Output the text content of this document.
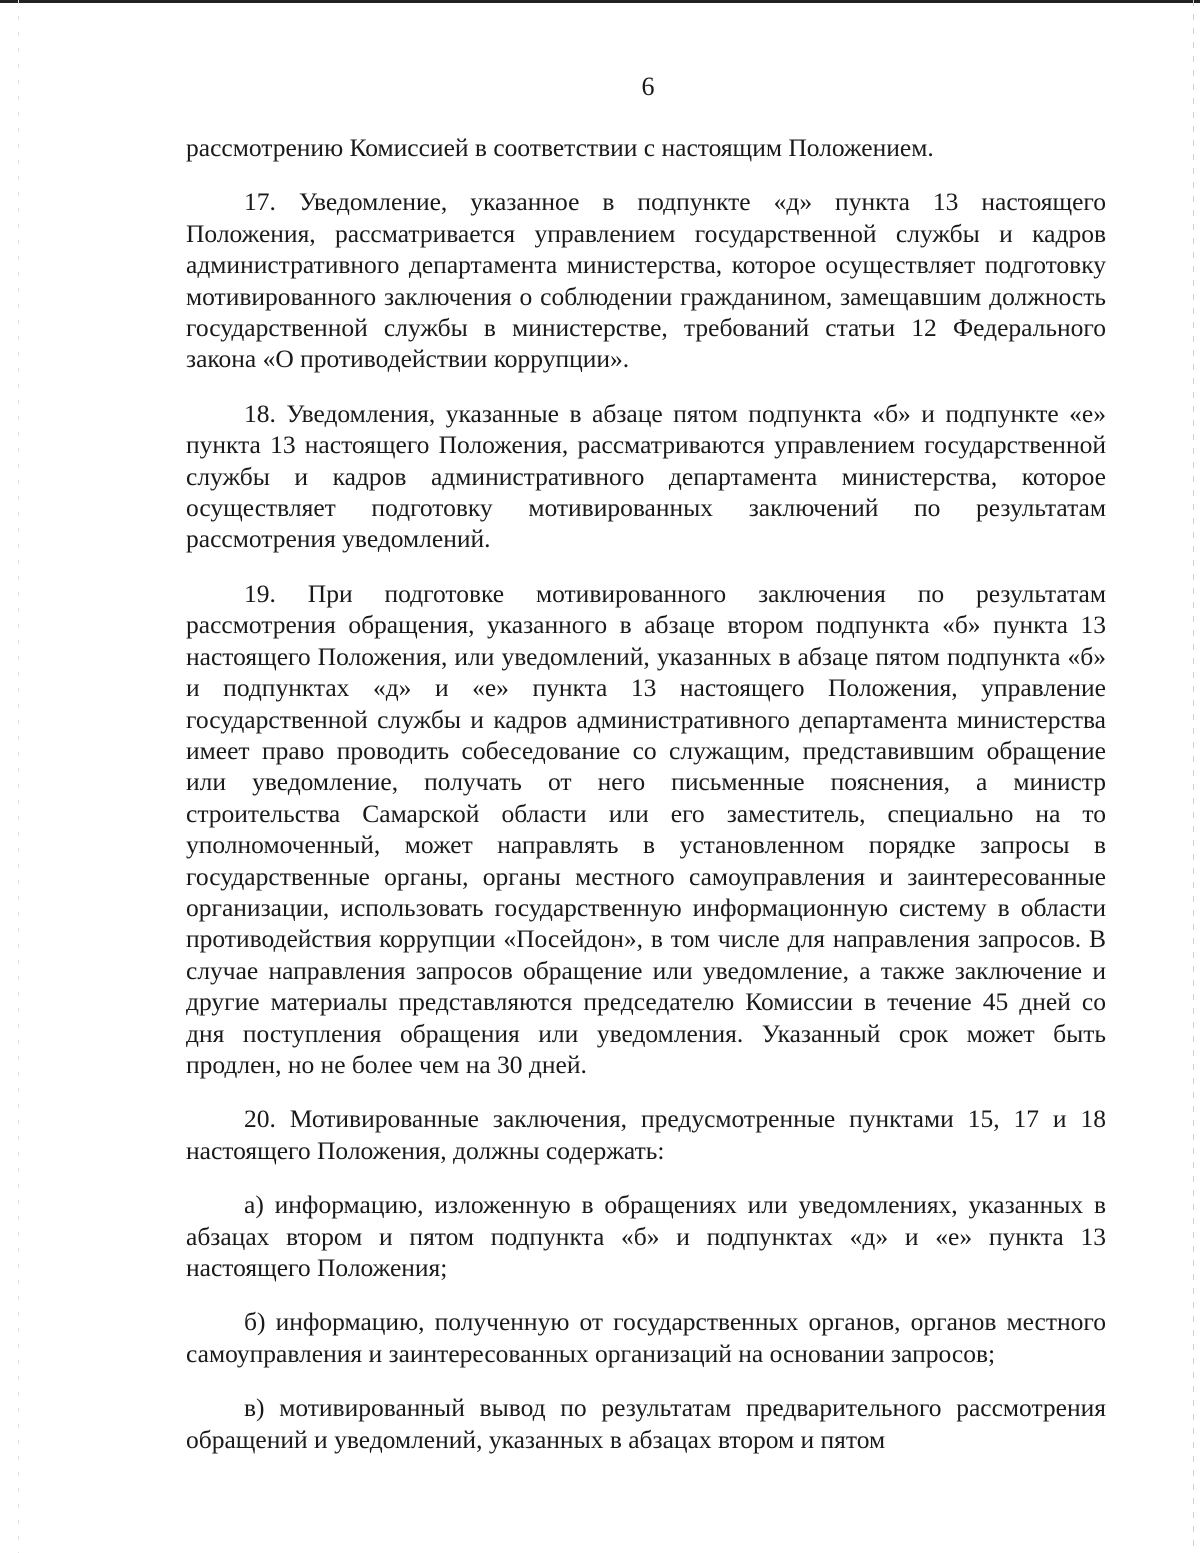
6

рассмотрению Комиссией в соответствии с настоящим Положением.

17. Уведомление, указанное в подпункте «д» пункта 13 настоящего Положения, рассматривается управлением государственной службы и кадров административного департамента министерства, которое осуществляет подготовку мотивированного заключения о соблюдении гражданином, замещавшим должность государственной службы в министерстве, требований статьи 12 Федерального закона «О противодействии коррупции».

18. Уведомления, указанные в абзаце пятом подпункта «б» и подпункте «е» пункта 13 настоящего Положения, рассматриваются управлением государственной службы и кадров административного департамента министерства, которое осуществляет подготовку мотивированных заключений по результатам рассмотрения уведомлений.

19. При подготовке мотивированного заключения по результатам рассмотрения обращения, указанного в абзаце втором подпункта «б» пункта 13 настоящего Положения, или уведомлений, указанных в абзаце пятом подпункта «б» и подпунктах «д» и «е» пункта 13 настоящего Положения, управление государственной службы и кадров административного департамента министерства имеет право проводить собеседование со служащим, представившим обращение или уведомление, получать от него письменные пояснения, а министр строительства Самарской области или его заместитель, специально на то уполномоченный, может направлять в установленном порядке запросы в государственные органы, органы местного самоуправления и заинтересованные организации, использовать государственную информационную систему в области противодействия коррупции «Посейдон», в том числе для направления запросов. В случае направления запросов обращение или уведомление, а также заключение и другие материалы представляются председателю Комиссии в течение 45 дней со дня поступления обращения или уведомления. Указанный срок может быть продлен, но не более чем на 30 дней.

20. Мотивированные заключения, предусмотренные пунктами 15, 17 и 18 настоящего Положения, должны содержать:

а) информацию, изложенную в обращениях или уведомлениях, указанных в абзацах втором и пятом подпункта «б» и подпунктах «д» и «е» пункта 13 настоящего Положения;

б) информацию, полученную от государственных органов, органов местного самоуправления и заинтересованных организаций на основании запросов;

в) мотивированный вывод по результатам предварительного рассмотрения обращений и уведомлений, указанных в абзацах втором и пятом
